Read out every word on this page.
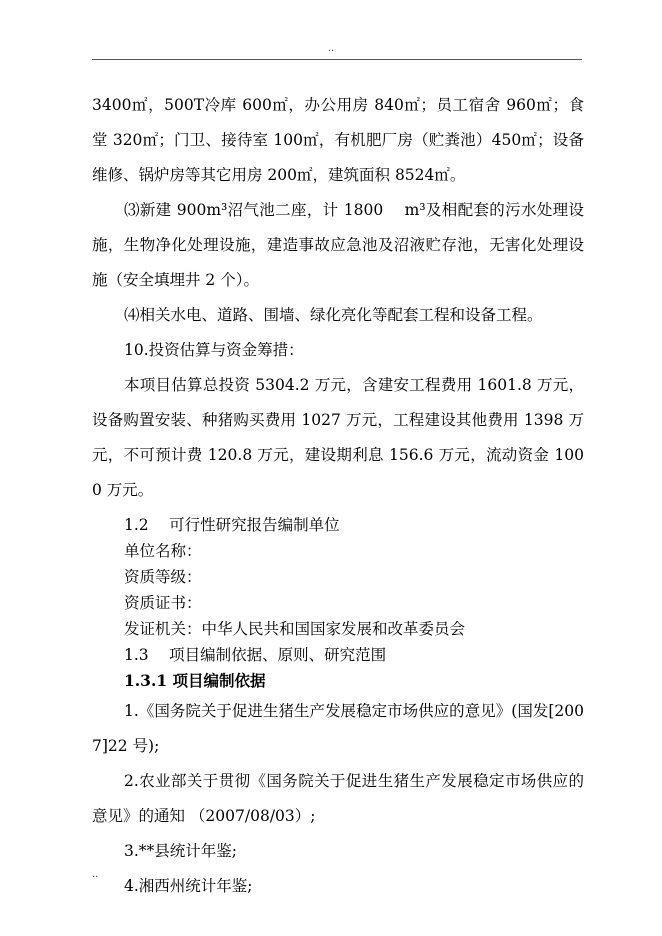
..

3400㎡，500T冷库 600㎡，办公用房 840㎡；员工宿舍 960㎡；食堂 320㎡；门卫、接待室 100㎡，有机肥厂房（贮粪池）450㎡；设备维修、锅炉房等其它用房 200㎡，建筑面积 8524㎡。

⑶新建 900m³沼气池二座，计 1800　 m³及相配套的污水处理设施，生物净化处理设施，建造事故应急池及沼液贮存池，无害化处理设施（安全填埋井 2 个）。

⑷相关水电、道路、围墙、绿化亮化等配套工程和设备工程。

10.投资估算与资金筹措：

本项目估算总投资 5304.2 万元，含建安工程费用 1601.8 万元，设备购置安装、种猪购买费用 1027 万元，工程建设其他费用 1398 万元，不可预计费 120.8 万元，建设期利息 156.6 万元，流动资金 1000 万元。

1.2　 可行性研究报告编制单位

单位名称：

资质等级：

资质证书：

发证机关：中华人民共和国国家发展和改革委员会

1.3　 项目编制依据、原则、研究范围

1.3.1 项目编制依据

1.《国务院关于促进生猪生产发展稳定市场供应的意见》(国发[2007]22 号);

2.农业部关于贯彻《国务院关于促进生猪生产发展稳定市场供应的意见》的通知 （2007/08/03）;

3.**县统计年鉴;

4.湘西州统计年鉴;

..
